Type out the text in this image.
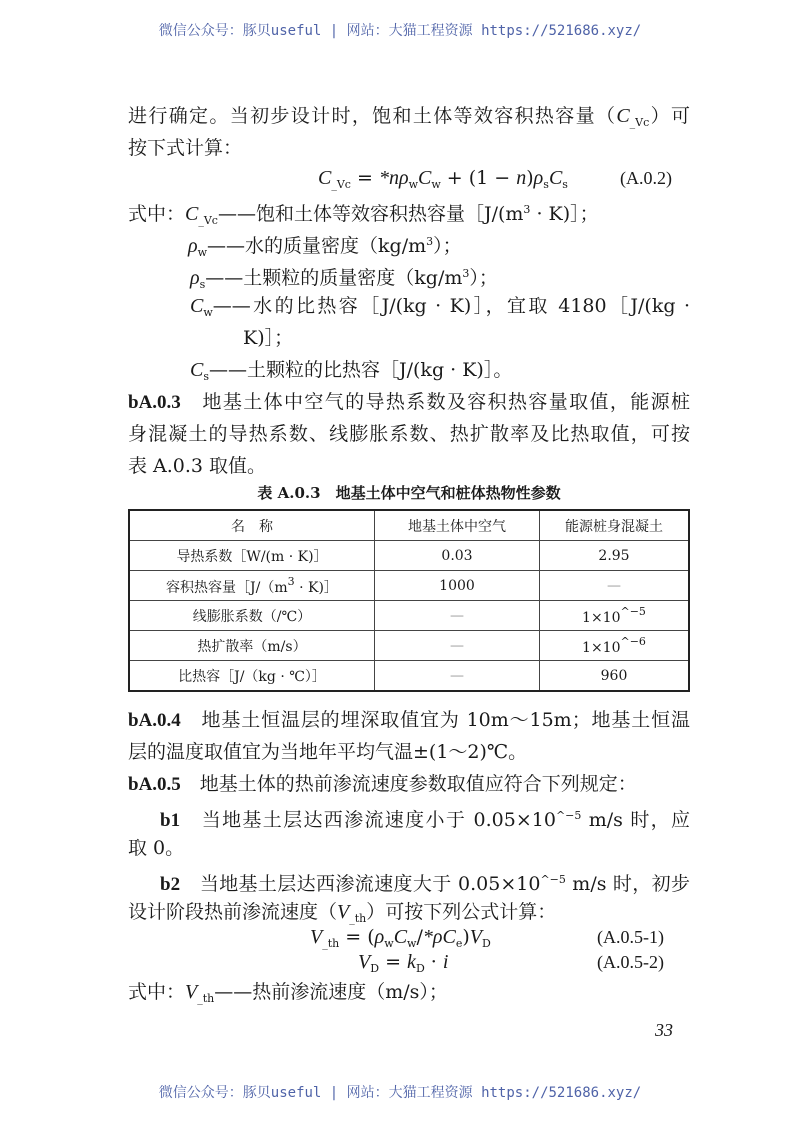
微信公众号：豚贝useful | 网站：大猫工程资源 https://521686.xyz/
进行确定。当初步设计时，饱和土体等效容积热容量$(C_{\_Vc})$可
按下式计算：
$C_{\_Vc} = *n\rho_wC_w + (1 - n)\rho_sC_s$	(A.0.2)
式中：$C_{\_Vc}——$饱和土体等效容积热容量$[J/(m^3$ · K)］；
$\rho_w——$水的质量密度$(kg/m^3)$；
$\rho_s——$土颗粒的质量密度$(kg/m^3)$；
$C_w——$水的比热容［J/(kg · K)］，宜取 4180［J/(kg ·
K)］；
$C_s——$土颗粒的比热容［J/(kg · K)］。
bA.0.3　地基土体中空气的导热系数及容积热容量取值，能源桩
身混凝土的导热系数、线膨胀系数、热扩散率及比热取值，可按
表 A.0.3 取值。
表 A.0.3　地基土体中空气和桩体热物性参数
名　称	地基土体中空气	能源桩身混凝土
导热系数［W/(m · K)］	0.03	2.95
容积热容量$[J/(m^3$ · K)］	1000	—
线膨胀系数（/℃）	—	$1\times 10^{\^{}-5}$
热扩散率（m/s）	—	$1\times 10^{\^{}-6}$
比热容［J/（kg · ℃）］	—	960
bA.0.4　地基土恒温层的埋深取值宜为 10m～15m；地基土恒温
层的温度取值宜为当地年平均气温±(1～2)℃。
bA.0.5　地基土体的热前渗流速度参数取值应符合下列规定：
b1　当地基土层达西渗流速度小于 $0.05\times 10^{\^{}-5}$ m/s 时，应
取 0。
b2　当地基土层达西渗流速度大于 $0.05\times 10^{\^{}-5}$ m/s 时，初步
设计阶段热前渗流速度$(V_{\_th})$可按下列公式计算：
$V_{\_th} = (\rho_wC_w/*\rho C_e)V_D$	(A.0.5-1)
$V_D = k_D \cdot i$	(A.0.5-2)
式中：$V_{\_th}——$热前渗流速度（m/s）；
33
微信公众号：豚贝useful | 网站：大猫工程资源 https://521686.xyz/
